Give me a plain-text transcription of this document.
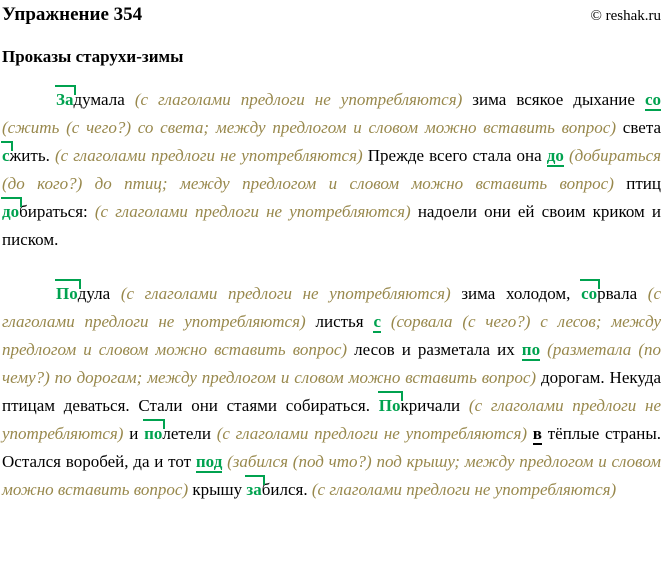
Упражнение 354	© reshak.ru
Проказы старухи-зимы

Задумала (с глаголами предлоги не употребляются) зима всякое дыхание со (сжить (с чего?) со света; между предлогом и словом можно вставить вопрос) света сжить. (с глаголами предлоги не употребляются) Прежде всего стала она до (добираться (до кого?) до птиц; между предлогом и словом можно вставить вопрос) птиц добираться: (с глаголами предлоги не употребляются) надоели они ей своим криком и писком.

Подула (с глаголами предлоги не употребляются) зима холодом, сорвала (с глаголами предлоги не употребляются) листья с (сорвала (с чего?) с лесов; между предлогом и словом можно вставить вопрос) лесов и разметала их по (разметала (по чему?) по дорогам; между предлогом и словом можно вставить вопрос) дорогам. Некуда птицам деваться. Стали они стаями собираться. Покричали (с глаголами предлоги не употребляются) и полетели (с глаголами предлоги не употребляются) в тёплые страны. Остался воробей, да и тот под (забился (под что?) под крышу; между предлогом и словом можно вставить вопрос) крышу забился. (с глаголами предлоги не употребляются)
